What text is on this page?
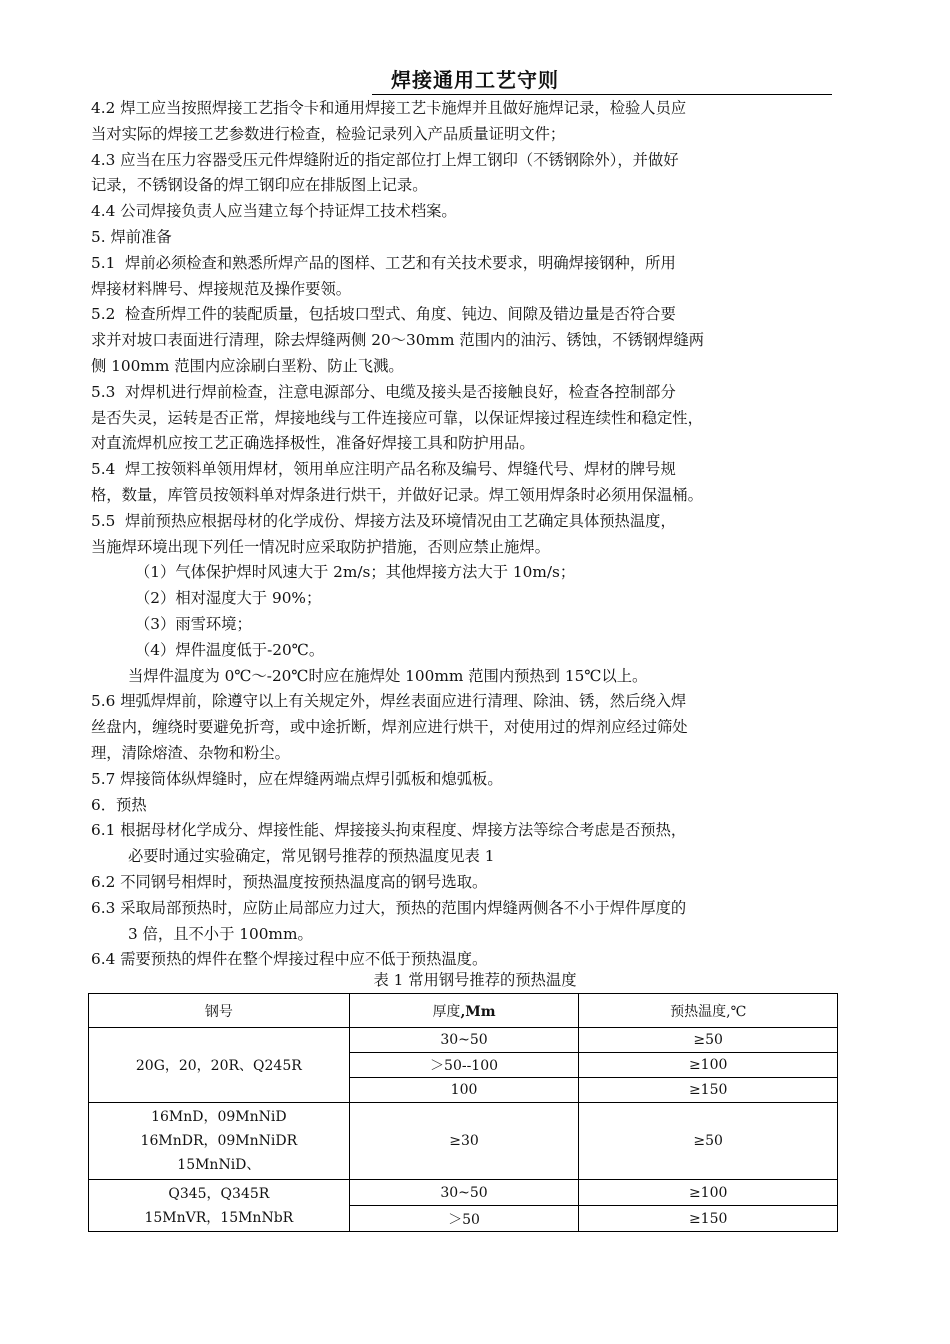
焊接通用工艺守则

4.2 焊工应当按照焊接工艺指令卡和通用焊接工艺卡施焊并且做好施焊记录，检验人员应

当对实际的焊接工艺参数进行检查，检验记录列入产品质量证明文件；

4.3 应当在压力容器受压元件焊缝附近的指定部位打上焊工钢印（不锈钢除外），并做好

记录，不锈钢设备的焊工钢印应在排版图上记录。

4.4 公司焊接负责人应当建立每个持证焊工技术档案。

5. 焊前准备

5.1  焊前必须检查和熟悉所焊产品的图样、工艺和有关技术要求，明确焊接钢种，所用

焊接材料牌号、焊接规范及操作要领。

5.2  检查所焊工件的装配质量，包括坡口型式、角度、钝边、间隙及错边量是否符合要

求并对坡口表面进行清理，除去焊缝两侧 20～30mm 范围内的油污、锈蚀，不锈钢焊缝两

侧 100mm 范围内应涂刷白垩粉、防止飞溅。

5.3  对焊机进行焊前检查，注意电源部分、电缆及接头是否接触良好，检查各控制部分

是否失灵，运转是否正常，焊接地线与工件连接应可靠，以保证焊接过程连续性和稳定性，

对直流焊机应按工艺正确选择极性，准备好焊接工具和防护用品。

5.4  焊工按领料单领用焊材，领用单应注明产品名称及编号、焊缝代号、焊材的牌号规

格，数量，库管员按领料单对焊条进行烘干，并做好记录。焊工领用焊条时必须用保温桶。

5.5  焊前预热应根据母材的化学成份、焊接方法及环境情况由工艺确定具体预热温度，

当施焊环境出现下列任一情况时应采取防护措施，否则应禁止施焊。

（1）气体保护焊时风速大于 2m/s；其他焊接方法大于 10m/s；

（2）相对湿度大于 90%；

（3）雨雪环境；

（4）焊件温度低于-20℃。

当焊件温度为 0℃～-20℃时应在施焊处 100mm 范围内预热到 15℃以上。

5.6 埋弧焊焊前，除遵守以上有关规定外，焊丝表面应进行清理、除油、锈，然后绕入焊

丝盘内，缠绕时要避免折弯，或中途折断，焊剂应进行烘干，对使用过的焊剂应经过筛处

理，清除熔渣、杂物和粉尘。

5.7 焊接筒体纵焊缝时，应在焊缝两端点焊引弧板和熄弧板。

6．预热

6.1 根据母材化学成分、焊接性能、焊接接头拘束程度、焊接方法等综合考虑是否预热，

必要时通过实验确定，常见钢号推荐的预热温度见表 1

6.2 不同钢号相焊时，预热温度按预热温度高的钢号选取。

6.3 采取局部预热时，应防止局部应力过大，预热的范围内焊缝两侧各不小于焊件厚度的

3 倍，且不小于 100mm。

6.4 需要预热的焊件在整个焊接过程中应不低于预热温度。

表 1 常用钢号推荐的预热温度
钢号	厚度,Mm	预热温度,℃
20G，20，20R、Q245R	30~50	≥50
	＞50--100	≥100
	100	≥150

16MnD，09MnNiD
16MnDR，09MnNiDR
15MnNiD、	≥30	≥50

Q345，Q345R
15MnVR，15MnNbR	30~50	≥100
	＞50	≥150
